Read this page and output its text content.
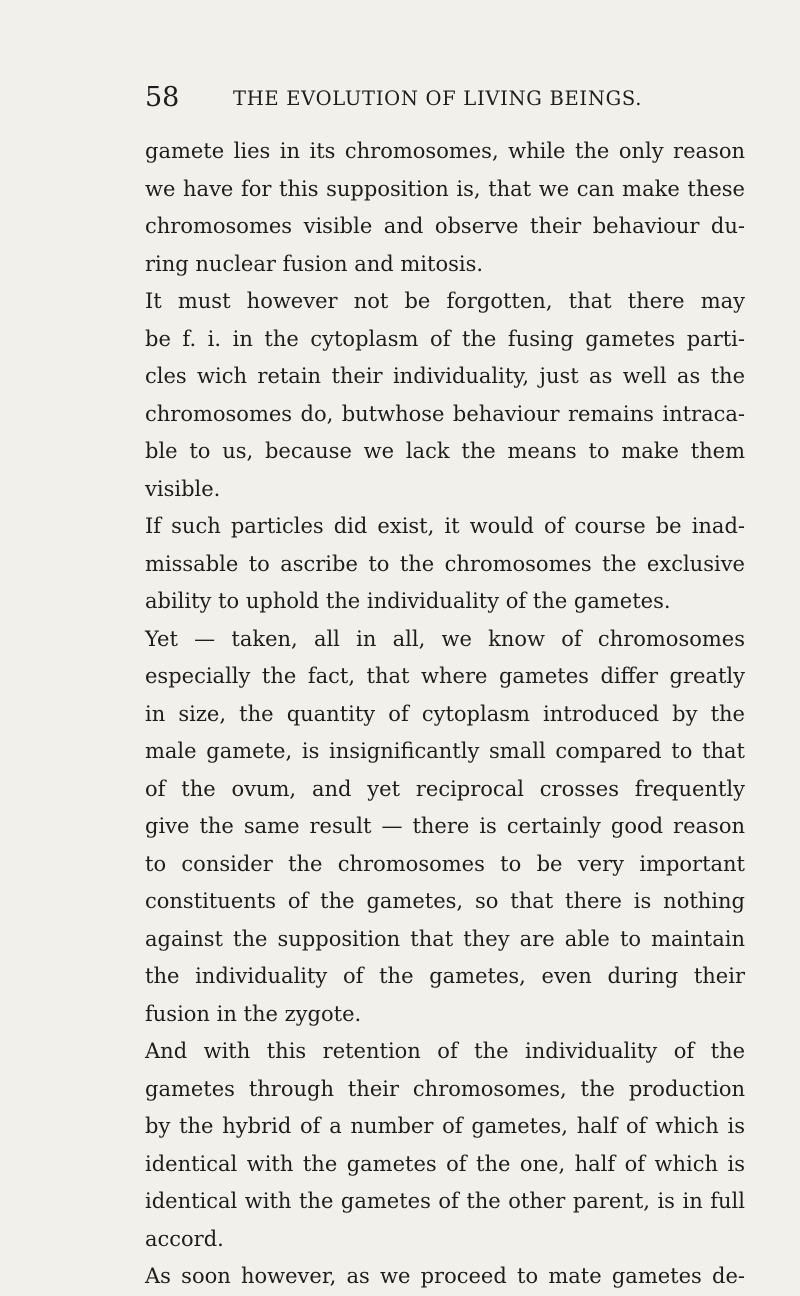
58	THE EVOLUTION OF LIVING BEINGS.
gamete lies in its chromosomes, while the only reason
we have for this supposition is, that we can make these
chromosomes visible and observe their behaviour du-
ring nuclear fusion and mitosis.
It must however not be forgotten, that there may
be f. i. in the cytoplasm of the fusing gametes parti-
cles wich retain their individuality, just as well as the
chromosomes do, butwhose behaviour remains intraca-
ble to us, because we lack the means to make them
visible.
If such particles did exist, it would of course be inad-
missable to ascribe to the chromosomes the exclusive
ability to uphold the individuality of the gametes.
Yet — taken, all in all, we know of chromosomes
especially the fact, that where gametes differ greatly
in size, the quantity of cytoplasm introduced by the
male gamete, is insignificantly small compared to that
of the ovum, and yet reciprocal crosses frequently
give the same result — there is certainly good reason
to consider the chromosomes to be very important
constituents of the gametes, so that there is nothing
against the supposition that they are able to maintain
the individuality of the gametes, even during their
fusion in the zygote.
And with this retention of the individuality of the
gametes through their chromosomes, the production
by the hybrid of a number of gametes, half of which is
identical with the gametes of the one, half of which is
identical with the gametes of the other parent, is in full
accord.
As soon however, as we proceed to mate gametes de-
